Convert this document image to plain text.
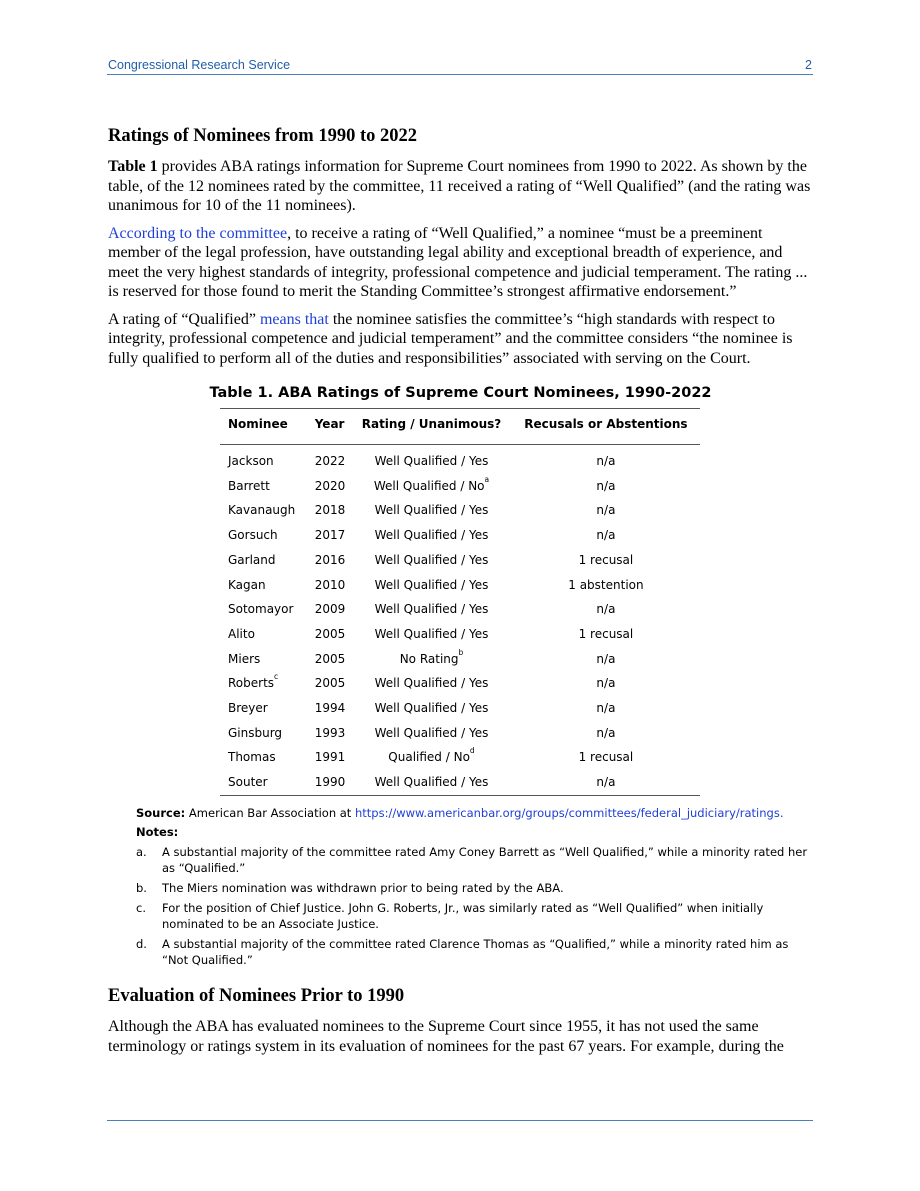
Congressional Research Service	2
Ratings of Nominees from 1990 to 2022

Table 1 provides ABA ratings information for Supreme Court nominees from 1990 to 2022. As shown by the table, of the 12 nominees rated by the committee, 11 received a rating of “Well Qualified” (and the rating was unanimous for 10 of the 11 nominees).

According to the committee, to receive a rating of “Well Qualified,” a nominee “must be a preeminent member of the legal profession, have outstanding legal ability and exceptional breadth of experience, and meet the very highest standards of integrity, professional competence and judicial temperament. The rating ... is reserved for those found to merit the Standing Committee’s strongest affirmative endorsement.”

A rating of “Qualified” means that the nominee satisfies the committee’s “high standards with respect to integrity, professional competence and judicial temperament” and the committee considers “the nominee is fully qualified to perform all of the duties and responsibilities” associated with serving on the Court.

Table 1. ABA Ratings of Supreme Court Nominees, 1990-2022
Nominee	Year	Rating / Unanimous?	Recusals or Abstentions
Jackson	2022	Well Qualified / Yes	n/a
Barrett	2020	Well Qualified / No$^a$	n/a
Kavanaugh	2018	Well Qualified / Yes	n/a
Gorsuch	2017	Well Qualified / Yes	n/a
Garland	2016	Well Qualified / Yes	1 recusal
Kagan	2010	Well Qualified / Yes	1 abstention
Sotomayor	2009	Well Qualified / Yes	n/a
Alito	2005	Well Qualified / Yes	1 recusal
Miers	2005	No Rating$^b$	n/a
Roberts$^c$	2005	Well Qualified / Yes	n/a
Breyer	1994	Well Qualified / Yes	n/a
Ginsburg	1993	Well Qualified / Yes	n/a
Thomas	1991	Qualified / No$^d$	1 recusal
Souter	1990	Well Qualified / Yes	n/a
Source: American Bar Association at https://www.americanbar.org/groups/committees/federal_judiciary/ratings.
Notes:
a. A substantial majority of the committee rated Amy Coney Barrett as “Well Qualified,” while a minority rated her as “Qualified.”
b. The Miers nomination was withdrawn prior to being rated by the ABA.
c. For the position of Chief Justice. John G. Roberts, Jr., was similarly rated as “Well Qualified” when initially nominated to be an Associate Justice.
d. A substantial majority of the committee rated Clarence Thomas as “Qualified,” while a minority rated him as “Not Qualified.”
Evaluation of Nominees Prior to 1990

Although the ABA has evaluated nominees to the Supreme Court since 1955, it has not used the same terminology or ratings system in its evaluation of nominees for the past 67 years. For example, during the
